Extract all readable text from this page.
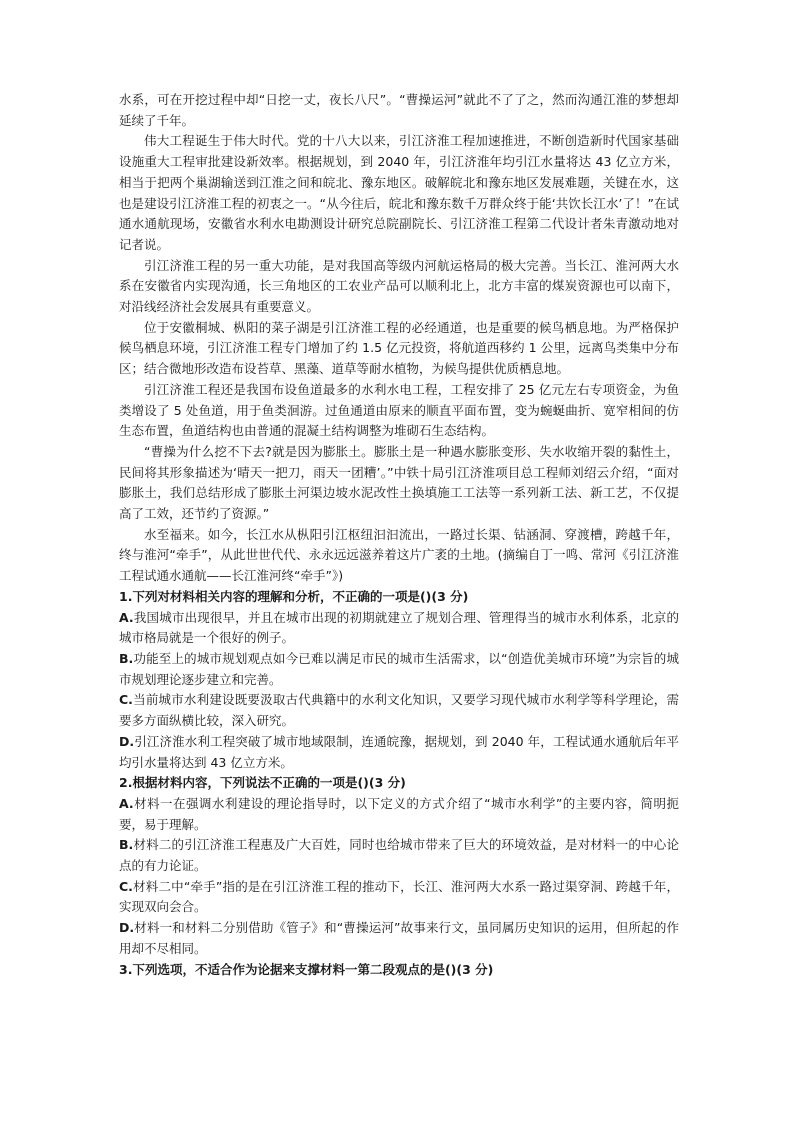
水系，可在开挖过程中却“日挖一丈，夜长八尺”。“曹操运河”就此不了了之，然而沟通江淮的梦想却延续了千年。

伟大工程诞生于伟大时代。党的十八大以来，引江济淮工程加速推进，不断创造新时代国家基础设施重大工程审批建设新效率。根据规划，到 2040 年，引江济淮年均引江水量将达 43 亿立方米，相当于把两个巢湖输送到江淮之间和皖北、豫东地区。破解皖北和豫东地区发展难题，关键在水，这也是建设引江济淮工程的初衷之一。“从今往后，皖北和豫东数千万群众终于能‘共饮长江水’了！”在试通水通航现场，安徽省水利水电勘测设计研究总院副院长、引江济淮工程第二代设计者朱青激动地对记者说。

引江济淮工程的另一重大功能，是对我国高等级内河航运格局的极大完善。当长江、淮河两大水系在安徽省内实现沟通，长三角地区的工农业产品可以顺利北上，北方丰富的煤炭资源也可以南下，对沿线经济社会发展具有重要意义。

位于安徽桐城、枞阳的菜子湖是引江济淮工程的必经通道，也是重要的候鸟栖息地。为严格保护候鸟栖息环境，引江济淮工程专门增加了约 1.5 亿元投资，将航道西移约 1 公里，远离鸟类集中分布区；结合微地形改造布设苔草、黑藻、道草等耐水植物，为候鸟提供优质栖息地。

引江济淮工程还是我国布设鱼道最多的水利水电工程，工程安排了 25 亿元左右专项资金，为鱼类增设了 5 处鱼道，用于鱼类洄游。过鱼通道由原来的顺直平面布置，变为蜿蜒曲折、宽窄相间的仿生态布置，鱼道结构也由普通的混凝土结构调整为堆砌石生态结构。

“曹操为什么挖不下去?就是因为膨胀土。膨胀土是一种遇水膨胀变形、失水收缩开裂的黏性土，民间将其形象描述为‘晴天一把刀，雨天一团糟’。”中铁十局引江济淮项目总工程师刘绍云介绍，“面对膨胀土，我们总结形成了膨胀土河渠边坡水泥改性土换填施工工法等一系列新工法、新工艺，不仅提高了工效，还节约了资源。”

水至福来。如今，长江水从枞阳引江枢纽汩汩流出，一路过长渠、钻涵洞、穿渡槽，跨越千年，终与淮河“牵手”，从此世世代代、永永远远滋养着这片广袤的土地。(摘编自丁一鸣、常河《引江济淮工程试通水通航——长江淮河终“牵手”》)

1.下列对材料相关内容的理解和分析，不正确的一项是()(3 分)

A.我国城市出现很早，并且在城市出现的初期就建立了规划合理、管理得当的城市水利体系，北京的城市格局就是一个很好的例子。

B.功能至上的城市规划观点如今已难以满足市民的城市生活需求，以“创造优美城市环境”为宗旨的城市规划理论逐步建立和完善。

C.当前城市水利建设既要汲取古代典籍中的水利文化知识，又要学习现代城市水利学等科学理论，需要多方面纵横比较，深入研究。

D.引江济淮水利工程突破了城市地域限制，连通皖豫，据规划，到 2040 年，工程试通水通航后年平均引水量将达到 43 亿立方米。

2.根据材料内容，下列说法不正确的一项是()(3 分)

A.材料一在强调水利建设的理论指导时，以下定义的方式介绍了“城市水利学”的主要内容，简明扼要，易于理解。

B.材料二的引江济淮工程惠及广大百姓，同时也给城市带来了巨大的环境效益，是对材料一的中心论点的有力论证。

C.材料二中“牵手”指的是在引江济淮工程的推动下，长江、淮河两大水系一路过渠穿洞、跨越千年，实现双向会合。

D.材料一和材料二分别借助《管子》和“曹操运河”故事来行文，虽同属历史知识的运用，但所起的作用却不尽相同。

3.下列选项，不适合作为论据来支撑材料一第二段观点的是()(3 分)
